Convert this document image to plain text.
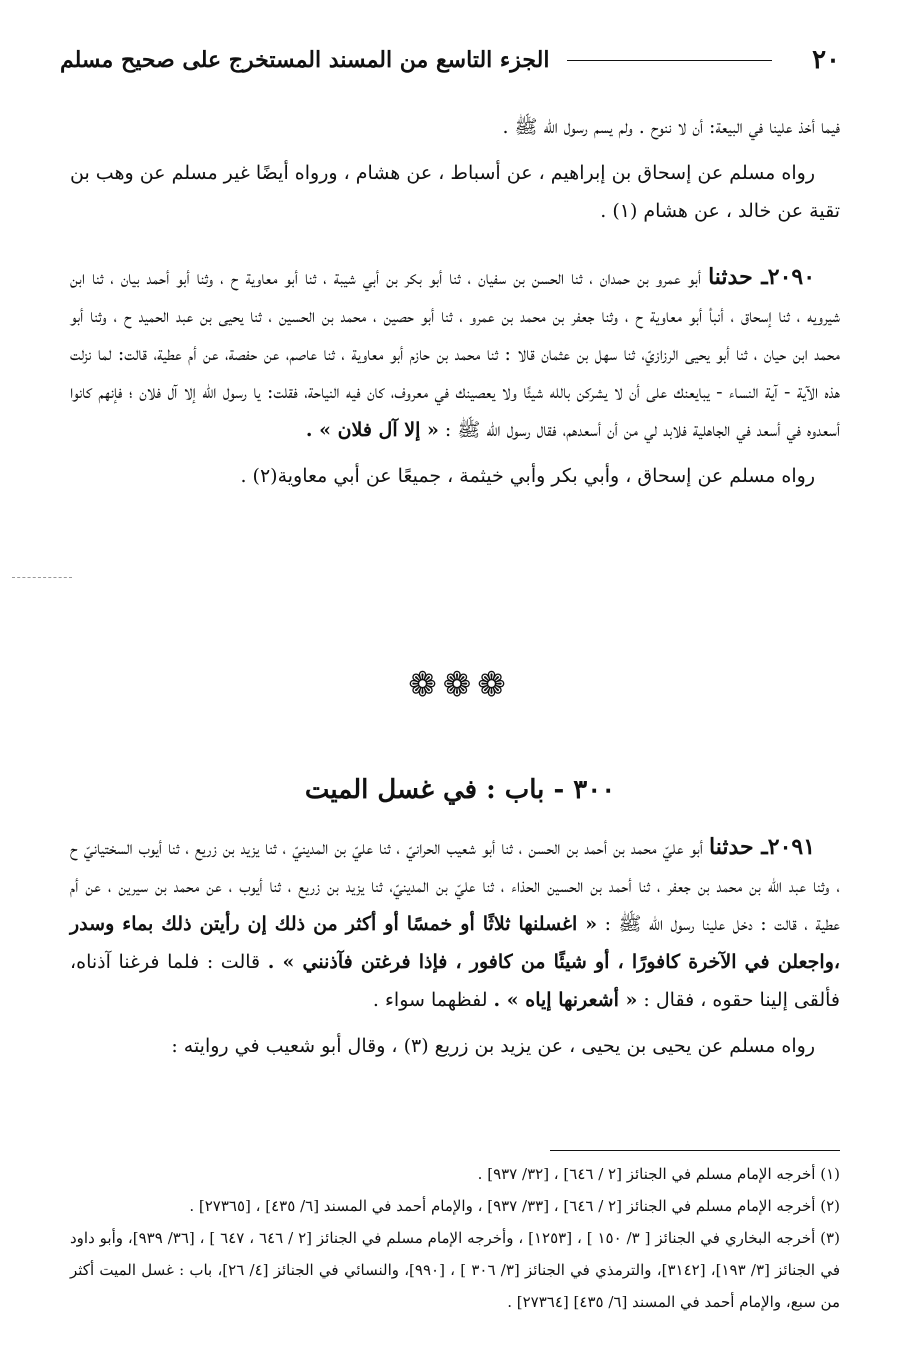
٢٠
الجزء التاسع من المسند المستخرج على صحيح مسلم

فيما أخذ علينا في البيعة: أن لا ننوح . ولم يسم رسول الله ﷺ .

رواه مسلم عن إسحاق بن إبراهيم ، عن أسباط ، عن هشام ، ورواه أيضًا غير مسلم عن وهب بن تقية عن خالد ، عن هشام (١) .

٢٠٩٠ـ حدثنا أبو عمرو بن حمدان ، ثنا الحسن بن سفيان ، ثنا أبو بكر بن أبي شيبة ، ثنا أبو معاوية ح ، وثنا أبو أحمد بيان ، ثنا ابن شيرويه ، ثنا إسحاق ، أنبأ أبو معاوية ح ، وثنا جعفر بن محمد بن عمرو ، ثنا أبو حصين ، محمد بن الحسين ، ثنا يحيى بن عبد الحميد ح ، وثنا أبو محمد ابن حيان ، ثنا أبو يحيى الرزازيّ، ثنا سهل بن عثمان قالا : ثنا محمد بن حازم أبو معاوية ، ثنا عاصم، عن حفصة، عن أم عطية، قالت: لما نزلت هذه الآية - آية النساء - يبايعنك على أن لا يشركن بالله شيئًا ولا يعصينك في معروف، كان فيه النياحة، فقلت: يا رسول الله إلا آل فلان ؛ فإنهم كانوا أسعدوه في أسعد في الجاهلية فلابد لي من أن أسعدهم، فقال رسول الله ﷺ : « إلا آل فلان » .

رواه مسلم عن إسحاق ، وأبي بكر وأبي خيثمة ، جميعًا عن أبي معاوية(٢) .

❁❁❁
٣٠٠ - باب : في غسل الميت

٢٠٩١ـ حدثنا أبو عليّ محمد بن أحمد بن الحسن ، ثنا أبو شعيب الحرانيّ ، ثنا عليّ بن المدينيّ ، ثنا يزيد بن زريع ، ثنا أيوب السختيانيّ ح ، وثنا عبد الله بن محمد بن جعفر ، ثنا أحمد بن الحسين الحذاء ، ثنا عليّ بن المدينيّ، ثنا يزيد بن زريع ، ثنا أيوب ، عن محمد بن سيرين ، عن أم عطية ، قالت : دخل علينا رسول الله ﷺ : « اغسلنها ثلاثًا أو خمسًا أو أكثر من ذلك إن رأيتن ذلك بماء وسدر ،واجعلن في الآخرة كافورًا ، أو شيئًا من كافور ، فإذا فرغتن فآذنني » . قالت : فلما فرغنا آذناه، فألقى إلينا حقوه ، فقال : « أشعرنها إياه » . لفظهما سواء .

رواه مسلم عن يحيى بن يحيى ، عن يزيد بن زريع (٣) ، وقال أبو شعيب في روايته :

(١) أخرجه الإمام مسلم في الجنائز [٢ / ٦٤٦] ، [٣٢/ ٩٣٧] .
(٢) أخرجه الإمام مسلم في الجنائز [٢ / ٦٤٦] ، [٣٣/ ٩٣٧] ، والإمام أحمد في المسند [٦/ ٤٣٥] ، [٢٧٣٦٥] .
(٣) أخرجه البخاري في الجنائز [ ٣/ ١٥٠ ] ، [١٢٥٣] ، وأخرجه الإمام مسلم في الجنائز [٢ / ٦٤٦ ، ٦٤٧ ] ، [٣٦/ ٩٣٩]، وأبو داود في الجنائز [٣/ ١٩٣]، [٣١٤٢]، والترمذي في الجنائز [٣/ ٣٠٦ ] ، [٩٩٠]، والنسائي في الجنائز [٤/ ٢٦]، باب : غسل الميت أكثر من سبع، والإمام أحمد في المسند [٦/ ٤٣٥] [٢٧٣٦٤] .
